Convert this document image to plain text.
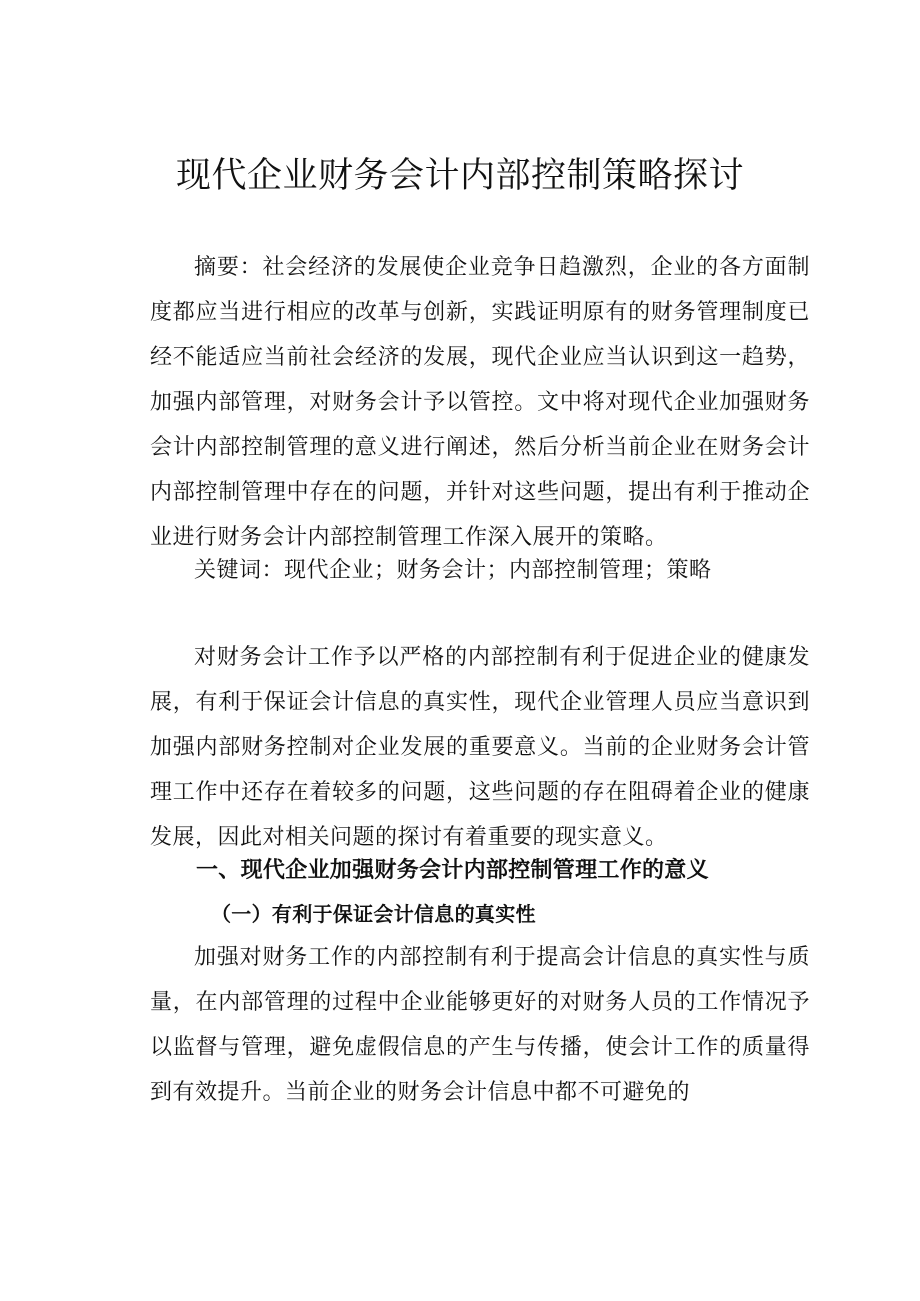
现代企业财务会计内部控制策略探讨
摘要：社会经济的发展使企业竞争日趋激烈，企业的各方面制度都应当进行相应的改革与创新，实践证明原有的财务管理制度已经不能适应当前社会经济的发展，现代企业应当认识到这一趋势，加强内部管理，对财务会计予以管控。文中将对现代企业加强财务会计内部控制管理的意义进行阐述，然后分析当前企业在财务会计内部控制管理中存在的问题，并针对这些问题，提出有利于推动企业进行财务会计内部控制管理工作深入展开的策略。
关键词：现代企业；财务会计；内部控制管理；策略
对财务会计工作予以严格的内部控制有利于促进企业的健康发展，有利于保证会计信息的真实性，现代企业管理人员应当意识到加强内部财务控制对企业发展的重要意义。当前的企业财务会计管理工作中还存在着较多的问题，这些问题的存在阻碍着企业的健康发展，因此对相关问题的探讨有着重要的现实意义。
一、现代企业加强财务会计内部控制管理工作的意义
（一）有利于保证会计信息的真实性
加强对财务工作的内部控制有利于提高会计信息的真实性与质量，在内部管理的过程中企业能够更好的对财务人员的工作情况予以监督与管理，避免虚假信息的产生与传播，使会计工作的质量得到有效提升。当前企业的财务会计信息中都不可避免的
